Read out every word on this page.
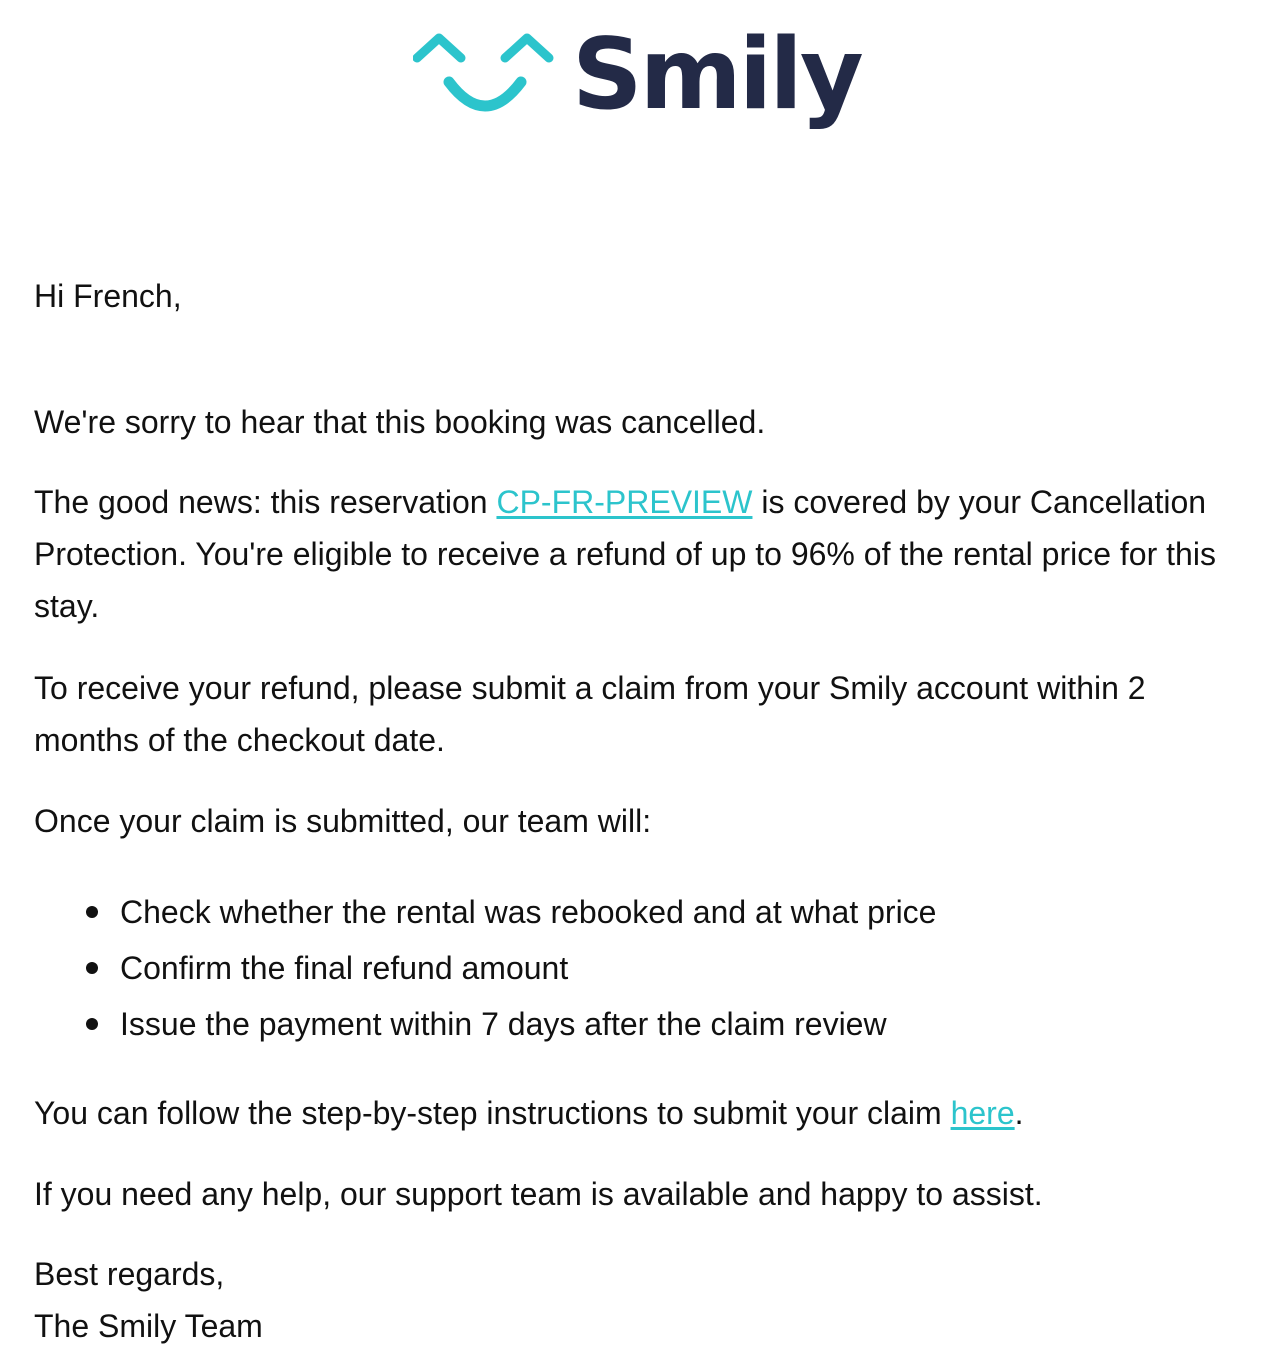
Smily

Hi French,

We're sorry to hear that this booking was cancelled.

The good news: this reservation CP-FR-PREVIEW is covered by your Cancellation Protection. You're eligible to receive a refund of up to 96% of the rental price for this stay.

To receive your refund, please submit a claim from your Smily account within 2 months of the checkout date.

Once your claim is submitted, our team will:

Check whether the rental was rebooked and at what price
Confirm the final refund amount
Issue the payment within 7 days after the claim review

You can follow the step-by-step instructions to submit your claim here.

If you need any help, our support team is available and happy to assist.

Best regards,
The Smily Team
